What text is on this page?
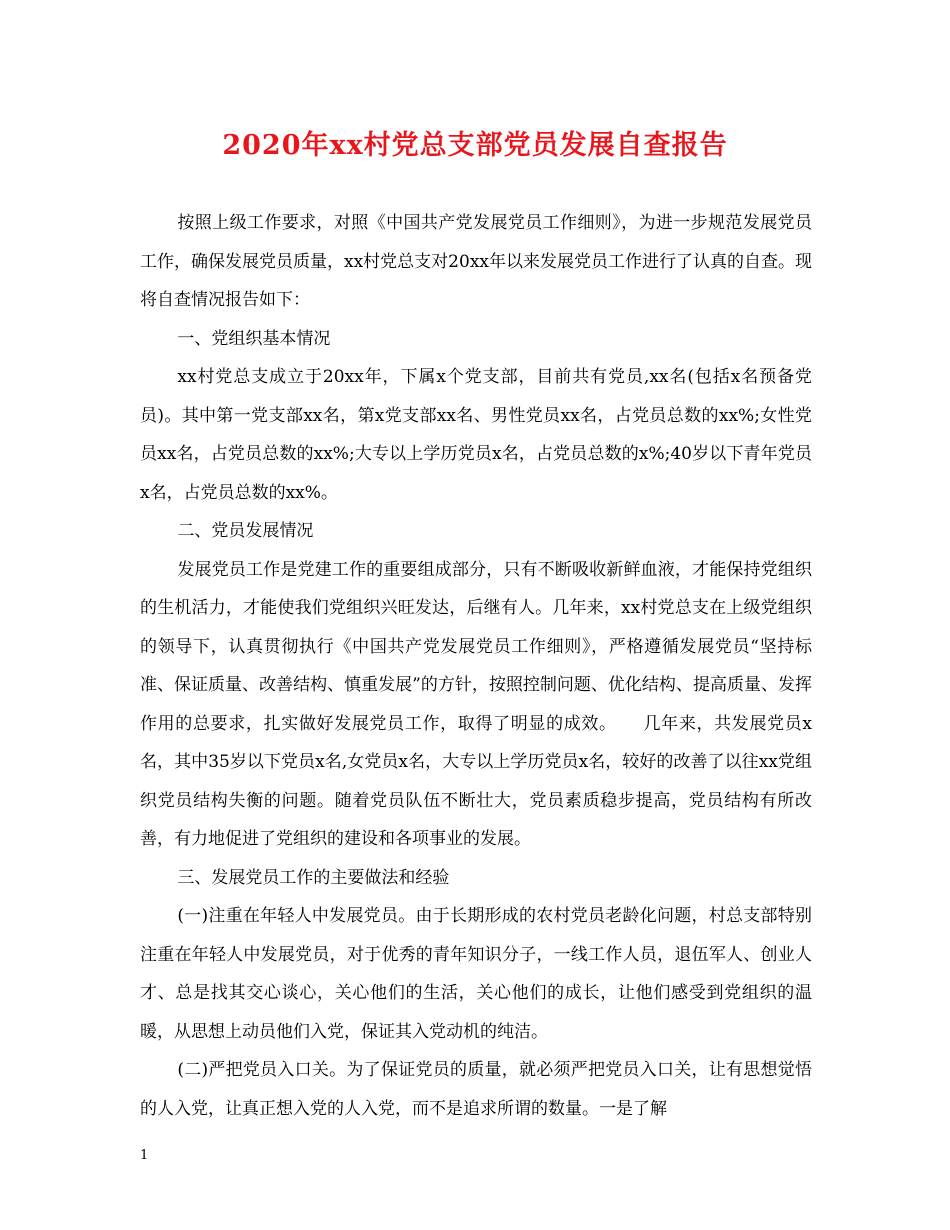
2020年xx村党总支部党员发展自查报告

按照上级工作要求，对照《中国共产党发展党员工作细则》，为进一步规范发展党员工作，确保发展党员质量，xx村党总支对20xx年以来发展党员工作进行了认真的自查。现将自查情况报告如下：

一、党组织基本情况

xx村党总支成立于20xx年，下属x个党支部，目前共有党员,xx名(包括x名预备党员)。其中第一党支部xx名，第x党支部xx名、男性党员xx名，占党员总数的xx%;女性党员xx名，占党员总数的xx%;大专以上学历党员x名，占党员总数的x%;40岁以下青年党员x名，占党员总数的xx%。

二、党员发展情况

发展党员工作是党建工作的重要组成部分，只有不断吸收新鲜血液，才能保持党组织的生机活力，才能使我们党组织兴旺发达，后继有人。几年来，xx村党总支在上级党组织的领导下，认真贯彻执行《中国共产党发展党员工作细则》，严格遵循发展党员“坚持标准、保证质量、改善结构、慎重发展”的方针，按照控制问题、优化结构、提高质量、发挥作用的总要求，扎实做好发展党员工作，取得了明显的成效。　　几年来，共发展党员x名，其中35岁以下党员x名,女党员x名，大专以上学历党员x名，较好的改善了以往xx党组织党员结构失衡的问题。随着党员队伍不断壮大，党员素质稳步提高，党员结构有所改善，有力地促进了党组织的建设和各项事业的发展。

三、发展党员工作的主要做法和经验

(一)注重在年轻人中发展党员。由于长期形成的农村党员老龄化问题，村总支部特别注重在年轻人中发展党员，对于优秀的青年知识分子，一线工作人员，退伍军人、创业人才、总是找其交心谈心，关心他们的生活，关心他们的成长，让他们感受到党组织的温暖，从思想上动员他们入党，保证其入党动机的纯洁。

(二)严把党员入口关。为了保证党员的质量，就必须严把党员入口关，让有思想觉悟的人入党，让真正想入党的人入党，而不是追求所谓的数量。一是了解

1
